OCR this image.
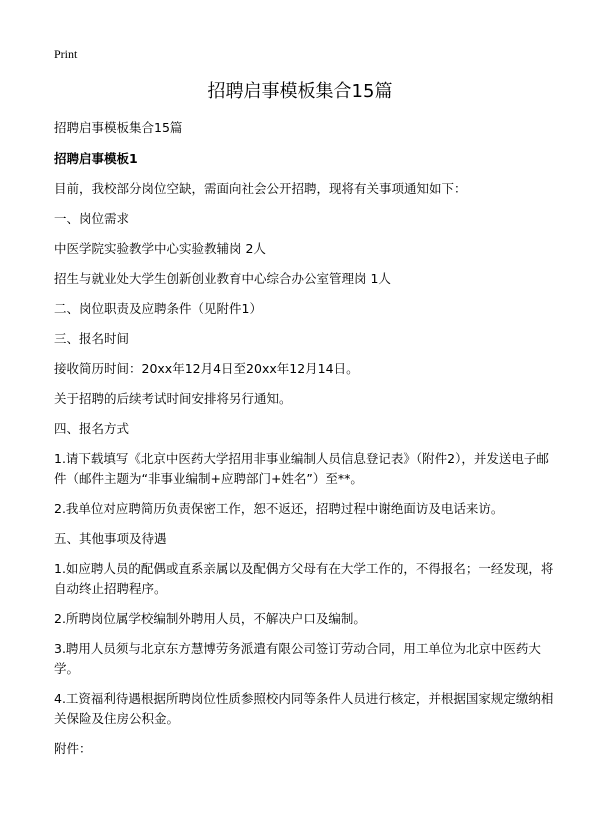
Print
招聘启事模板集合15篇

招聘启事模板集合15篇

招聘启事模板1

目前，我校部分岗位空缺，需面向社会公开招聘，现将有关事项通知如下：

一、岗位需求

中医学院实验教学中心实验教辅岗 2人

招生与就业处大学生创新创业教育中心综合办公室管理岗 1人

二、岗位职责及应聘条件（见附件1）

三、报名时间

接收简历时间：20xx年12月4日至20xx年12月14日。

关于招聘的后续考试时间安排将另行通知。

四、报名方式

1.请下载填写《北京中医药大学招用非事业编制人员信息登记表》（附件2），并发送电子邮件（邮件主题为“非事业编制+应聘部门+姓名”）至**。

2.我单位对应聘简历负责保密工作，恕不返还，招聘过程中谢绝面访及电话来访。

五、其他事项及待遇

1.如应聘人员的配偶或直系亲属以及配偶方父母有在大学工作的，不得报名；一经发现，将自动终止招聘程序。

2.所聘岗位属学校编制外聘用人员，不解决户口及编制。

3.聘用人员须与北京东方慧博劳务派遣有限公司签订劳动合同，用工单位为北京中医药大学。

4.工资福利待遇根据所聘岗位性质参照校内同等条件人员进行核定，并根据国家规定缴纳相关保险及住房公积金。

附件：
